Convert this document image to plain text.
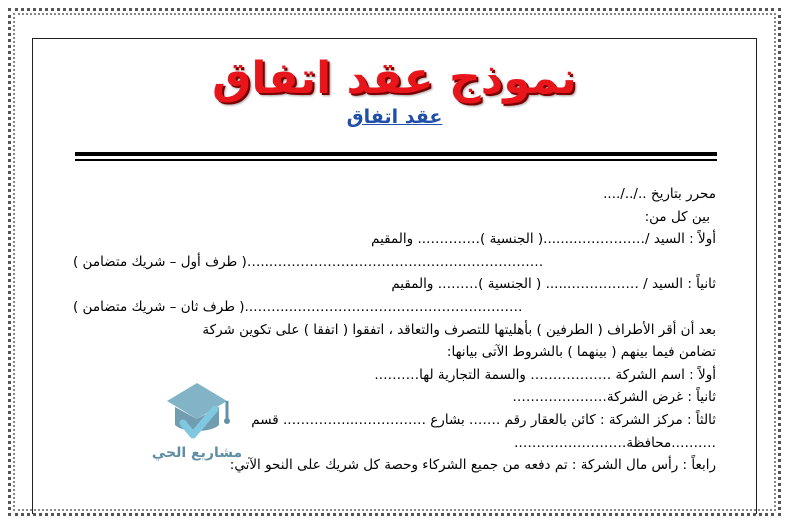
نموذج عقد اتفاق
عقد اتفاق
محرر بتاريخ ../../....
بين كل من:
أولاً : السيد /……………........( الجنسية )………….. والمقيم
……………………………………………………...…( طرف أول – شريك متضامن )
ثانياً : السيد / ……………...... ( الجنسية )……… والمقيم
……………………………………………...……..( طرف ثان – شريك متضامن )
بعد أن أقر الأطراف ( الطرفين ) بأهليتها للتصرف والتعاقد ، اتفقوا ( اتفقا ) على تكوين شركة
تضامن فيما بينهم ( بينهما ) بالشروط الآتى بيانها:
أولاً : اسم الشركة ……………… والسمة التجارية لها……….
ثانياً : غرض الشركة…………………
ثالثاً : مركز الشركة : كائن بالعقار رقم ……. بشارع ……………...………….. قسم
……….محافظة…………………….
رابعاً : رأس مال الشركة : تم دفعه من جميع الشركاء وحصة كل شريك على النحو الآتي:
مشاريع الحي
